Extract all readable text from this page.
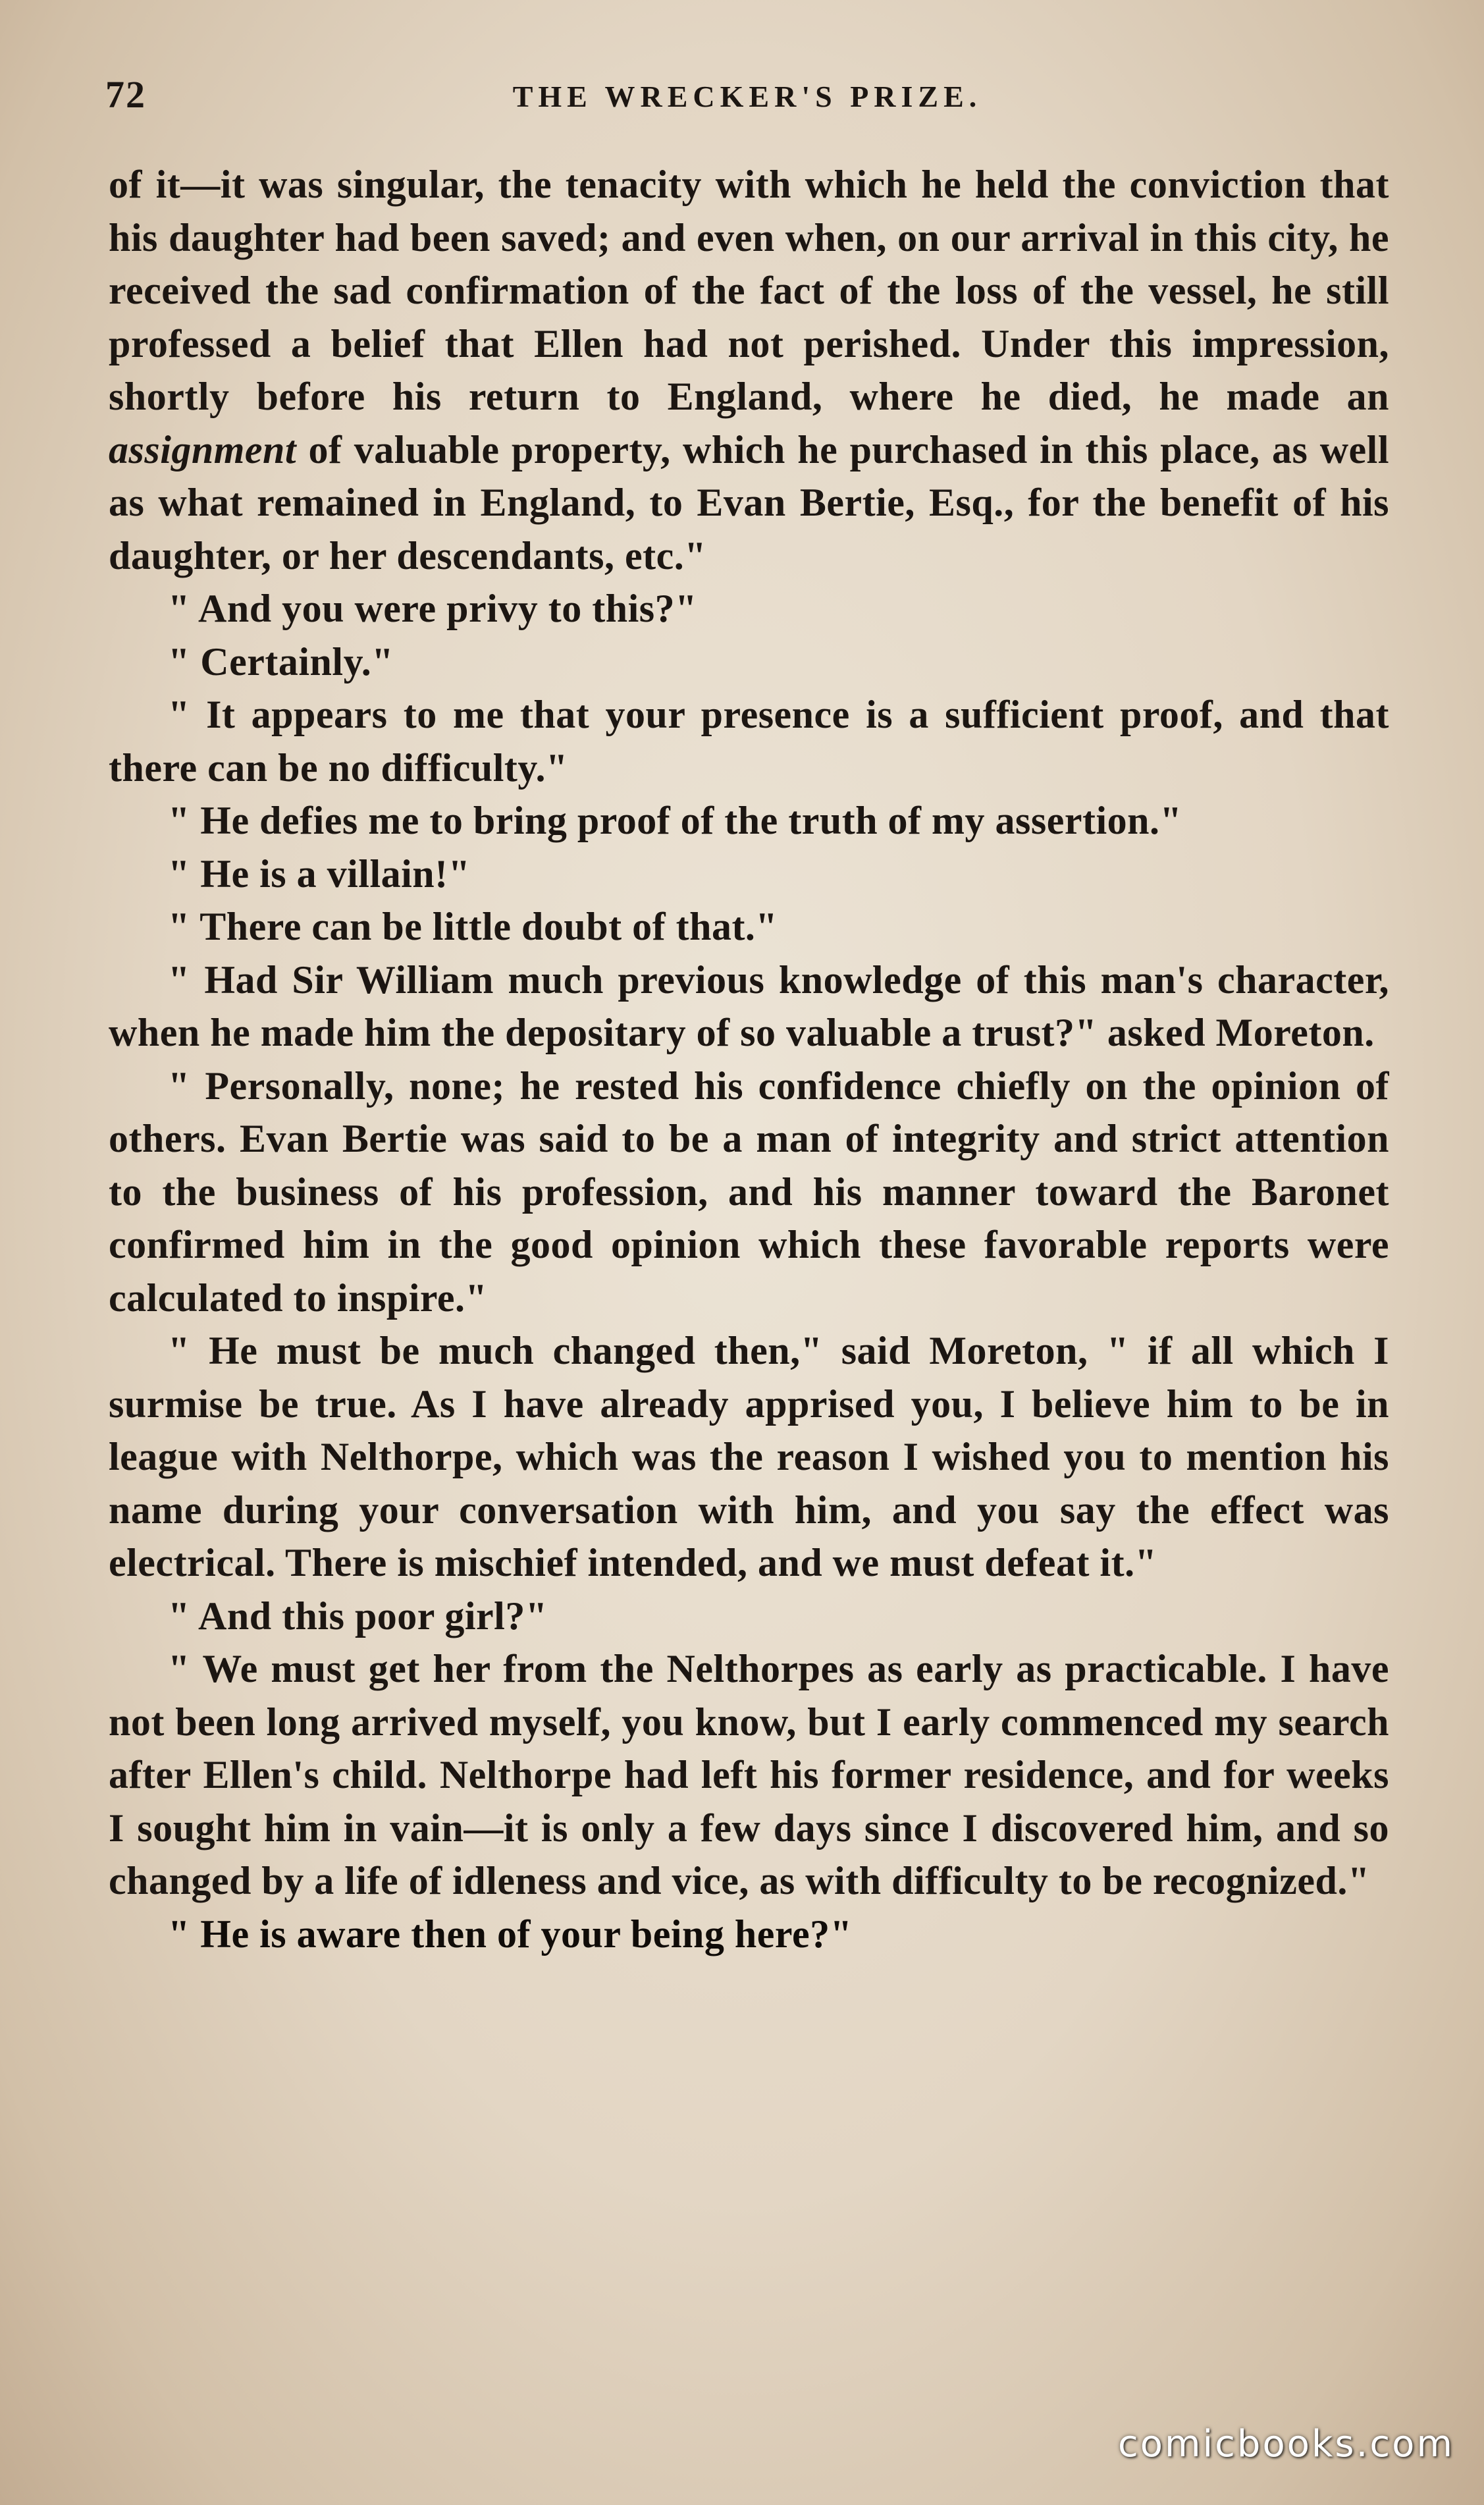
72	THE WRECKER'S PRIZE.

of it—it was singular, the tenacity with which he held the conviction that his daughter had been saved; and even when, on our arrival in this city, he received the sad confirmation of the fact of the loss of the vessel, he still professed a belief that Ellen had not perished. Under this impression, shortly before his return to England, where he died, he made an assignment of valuable property, which he purchased in this place, as well as what remained in England, to Evan Bertie, Esq., for the benefit of his daughter, or her descendants, etc."

" And you were privy to this?"

" Certainly."

" It appears to me that your presence is a sufficient proof, and that there can be no difficulty."

" He defies me to bring proof of the truth of my assertion."

" He is a villain!"

" There can be little doubt of that."

" Had Sir William much previous knowledge of this man's character, when he made him the depositary of so valuable a trust?" asked Moreton.

" Personally, none; he rested his confidence chiefly on the opinion of others. Evan Bertie was said to be a man of integrity and strict attention to the business of his profession, and his manner toward the Baronet confirmed him in the good opinion which these favorable reports were calculated to inspire."

" He must be much changed then," said Moreton, " if all which I surmise be true. As I have already apprised you, I believe him to be in league with Nelthorpe, which was the reason I wished you to mention his name during your conversation with him, and you say the effect was electrical. There is mischief intended, and we must defeat it."

" And this poor girl?"

" We must get her from the Nelthorpes as early as practicable. I have not been long arrived myself, you know, but I early commenced my search after Ellen's child. Nelthorpe had left his former residence, and for weeks I sought him in vain—it is only a few days since I discovered him, and so changed by a life of idleness and vice, as with difficulty to be recognized."

" He is aware then of your being here?"

comicbooks.com
